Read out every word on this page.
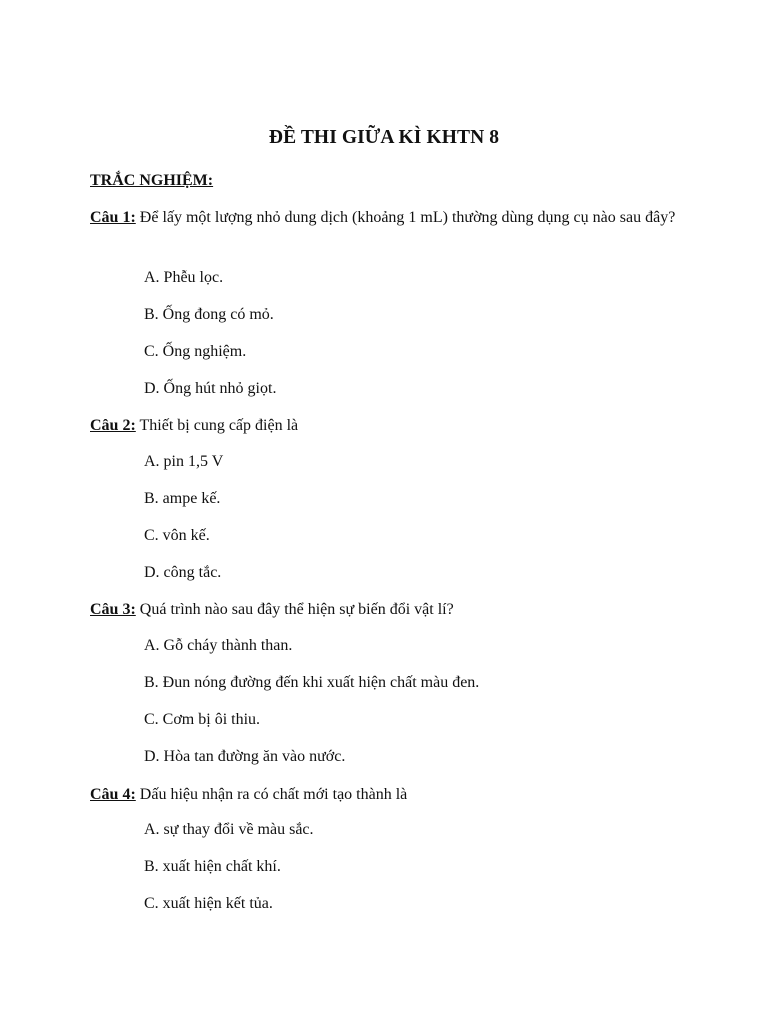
ĐỀ THI GIỮA KÌ KHTN 8
TRẮC NGHIỆM:
Câu 1: Để lấy một lượng nhỏ dung dịch (khoảng 1 mL) thường dùng dụng cụ nào sau đây?
A. Phễu lọc.
B. Ống đong có mỏ.
C. Ống nghiệm.
D. Ống hút nhỏ giọt.
Câu 2: Thiết bị cung cấp điện là
A. pin 1,5 V
B. ampe kế.
C. vôn kế.
D. công tắc.
Câu 3: Quá trình nào sau đây thể hiện sự biến đổi vật lí?
A. Gỗ cháy thành than.
B. Đun nóng đường đến khi xuất hiện chất màu đen.
C. Cơm bị ôi thiu.
D. Hòa tan đường ăn vào nước.
Câu 4: Dấu hiệu nhận ra có chất mới tạo thành là
A. sự thay đổi về màu sắc.
B. xuất hiện chất khí.
C. xuất hiện kết tủa.
